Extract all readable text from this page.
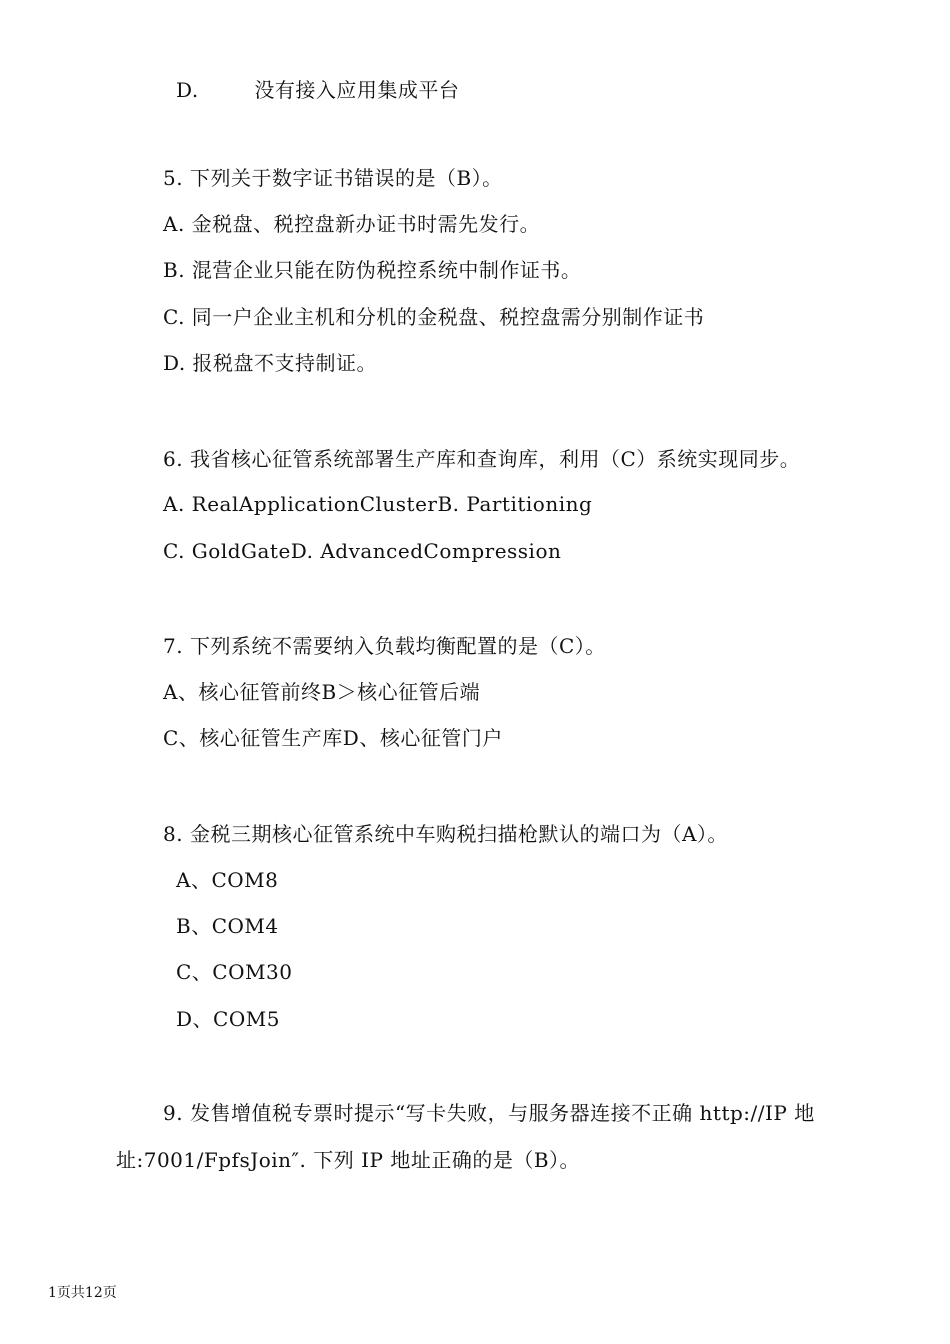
D.	没有接入应用集成平台
5. 下列关于数字证书错误的是（B）。
A. 金税盘、税控盘新办证书时需先发行。
B. 混营企业只能在防伪税控系统中制作证书。
C. 同一户企业主机和分机的金税盘、税控盘需分别制作证书
D. 报税盘不支持制证。
6. 我省核心征管系统部署生产库和查询库，利用（C）系统实现同步。
A. RealApplicationClusterB. Partitioning
C. GoldGateD. AdvancedCompression
7. 下列系统不需要纳入负载均衡配置的是（C）。
A、核心征管前终B＞核心征管后端
C、核心征管生产库D、核心征管门户
8. 金税三期核心征管系统中车购税扫描枪默认的端口为（A）。
A、COM8
B、COM4
C、COM30
D、COM5
9. 发售增值税专票时提示“写卡失败，与服务器连接不正确 http://IP 地
址:7001/FpfsJoin″. 下列 IP 地址正确的是（B）。
1页共12页
